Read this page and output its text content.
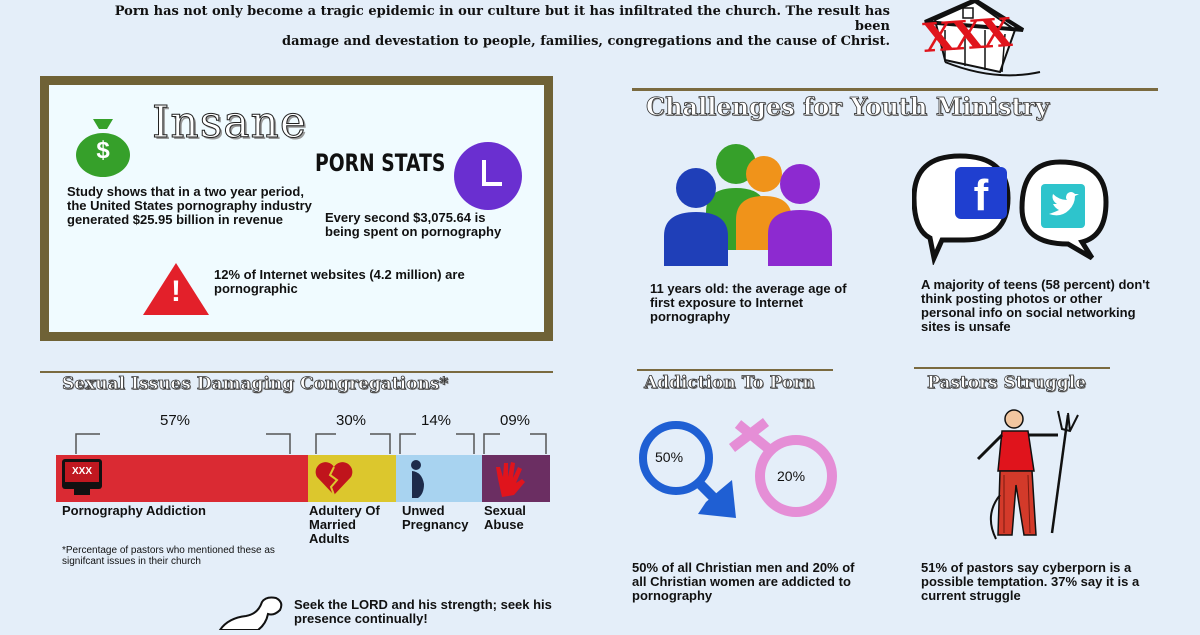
Porn has not only become a tragic epidemic in our culture but it has infiltrated the church. The result has been
damage and devestation to people, families, congregations and the cause of Christ. XXX
$
Insane
PORN STATS
Study shows that in a two year period, the United States pornography industry generated $25.95 billion in revenue	Every second $3,075.64 is being spent on pornography
!
12% of Internet websites (4.2 million) are pornographic
Sexual Issues Damaging Congregations*
57%	30%	14%	09%
XXX
Pornography Addiction	Adultery Of Married Adults
Unwed Pregnancy
Sexual Abuse
*Percentage of pastors who mentioned these as signifcant issues in their church
Seek the LORD and his strength; seek his presence continually!
Challenges for Youth Ministry
11 years old: the average age of first exposure to Internet pornography
f
A majority of teens (58 percent) don't think posting photos or other personal info on social networking sites is unsafe
Addiction To Porn
50%
20%
50% of all Christian men and 20% of all Christian women are addicted to pornography
Pastors Struggle
51% of pastors say cyberporn is a possible temptation. 37% say it is a current struggle
